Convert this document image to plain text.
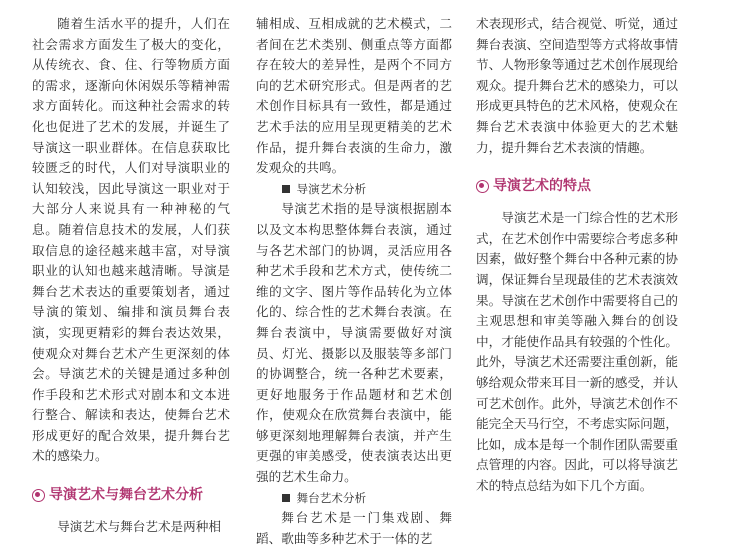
随着生活水平的提升，人们在社会需求方面发生了极大的变化，从传统衣、食、住、行等物质方面的需求，逐渐向休闲娱乐等精神需求方面转化。而这种社会需求的转化也促进了艺术的发展，并诞生了导演这一职业群体。在信息获取比较匮乏的时代，人们对导演职业的认知较浅，因此导演这一职业对于大部分人来说具有一种神秘的气息。随着信息技术的发展，人们获取信息的途径越来越丰富，对导演职业的认知也越来越清晰。导演是舞台艺术表达的重要策划者，通过导演的策划、编排和演员舞台表演，实现更精彩的舞台表达效果，使观众对舞台艺术产生更深刻的体会。导演艺术的关键是通过多种创作手段和艺术形式对剧本和文本进行整合、解读和表达，使舞台艺术形成更好的配合效果，提升舞台艺术的感染力。

导演艺术与舞台艺术分析

导演艺术与舞台艺术是两种相

辅相成、互相成就的艺术模式，二者间在艺术类别、侧重点等方面都存在较大的差异性，是两个不同方向的艺术研究形式。但是两者的艺术创作目标具有一致性，都是通过艺术手法的应用呈现更精美的艺术作品，提升舞台表演的生命力，激发观众的共鸣。

导演艺术分析

导演艺术指的是导演根据剧本以及文本构思整体舞台表演，通过与各艺术部门的协调，灵活应用各种艺术手段和艺术方式，使传统二维的文字、图片等作品转化为立体化的、综合性的艺术舞台表演。在舞台表演中，导演需要做好对演员、灯光、摄影以及服装等多部门的协调整合，统一各种艺术要素，更好地服务于作品题材和艺术创作，使观众在欣赏舞台表演中，能够更深刻地理解舞台表演，并产生更强的审美感受，使表演表达出更强的艺术生命力。

舞台艺术分析

舞台艺术是一门集戏剧、舞蹈、歌曲等多种艺术于一体的艺

术表现形式，结合视觉、听觉，通过舞台表演、空间造型等方式将故事情节、人物形象等通过艺术创作展现给观众。提升舞台艺术的感染力，可以形成更具特色的艺术风格，使观众在舞台艺术表演中体验更大的艺术魅力，提升舞台艺术表演的情趣。

导演艺术的特点

导演艺术是一门综合性的艺术形式，在艺术创作中需要综合考虑多种因素，做好整个舞台中各种元素的协调，保证舞台呈现最佳的艺术表演效果。导演在艺术创作中需要将自己的主观思想和审美等融入舞台的创设中，才能使作品具有较强的个性化。此外，导演艺术还需要注重创新，能够给观众带来耳目一新的感受，并认可艺术创作。此外，导演艺术创作不能完全天马行空，不考虑实际问题，比如，成本是每一个制作团队需要重点管理的内容。因此，可以将导演艺术的特点总结为如下几个方面。
